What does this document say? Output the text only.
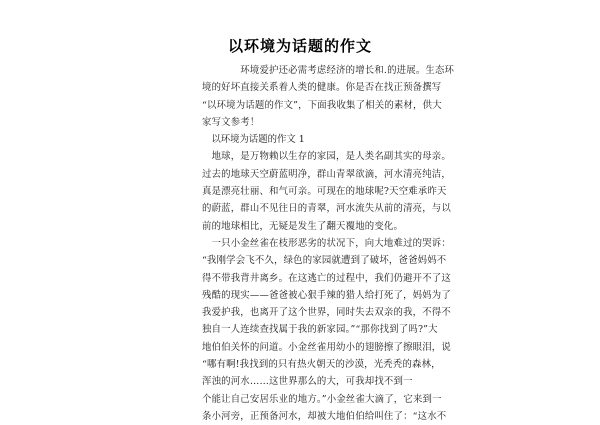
以环境为话题的作文
　　　　环境爱护还必需考虑经济的增长和.的进展。生态环
境的好坏直接关系着人类的健康。你是否在找正预备撰写
“以环境为话题的作文”，下面我收集了相关的素材，供大
家写文参考！
　以环境为话题的作文 1
　地球，是万物赖以生存的家园，是人类名副其实的母亲。
过去的地球天空蔚蓝明净，群山青翠欲滴，河水清亮纯洁，
真是漂亮壮丽、和气可亲。可现在的地球呢?天空难承昨天
的蔚蓝，群山不见往日的青翠，河水流失从前的清亮，与以
前的地球相比，无疑是发生了翻天覆地的变化。
　一只小金丝雀在枝形恶劣的状况下，向大地难过的哭诉：
“我刚学会飞不久，绿色的家园就遭到了破坏，爸爸妈妈不
得不带我背井离乡。在这逃亡的过程中，我们仍避开不了这
残酷的现实——爸爸被心狠手辣的猎人给打死了，妈妈为了
我爱护我，也离开了这个世界，同时失去双亲的我，不得不
独自一人连续查找属于我的新家园。”“那你找到了吗?”大
地伯伯关怀的问道。小金丝雀用幼小的翅膀擦了擦眼泪，说
“哪有啊!我找到的只有热火朝天的沙漠，光秃秃的森林，
浑浊的河水……这世界那么的大，可我却找不到一
个能让自己安居乐业的地方。”小金丝雀大滴了，它来到一
条小河旁，正预备河水，却被大地伯伯给叫住了：“这水不
